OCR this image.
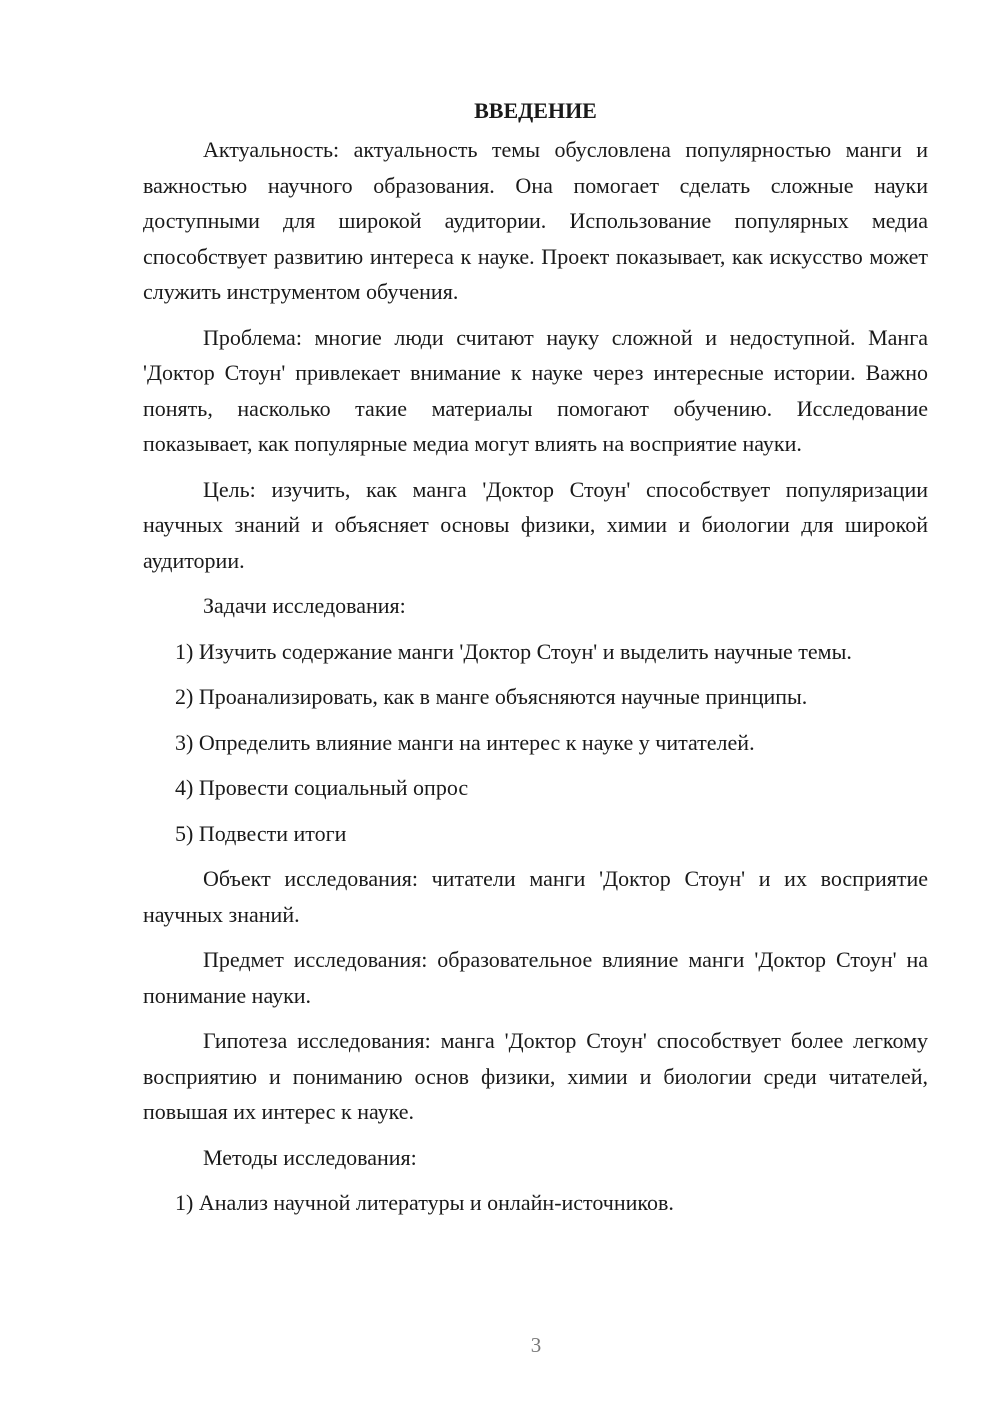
ВВЕДЕНИЕ

Актуальность: актуальность темы обусловлена популярностью манги и важностью научного образования. Она помогает сделать сложные науки доступными для широкой аудитории. Использование популярных медиа способствует развитию интереса к науке. Проект показывает, как искусство может служить инструментом обучения.

Проблема: многие люди считают науку сложной и недоступной. Манга 'Доктор Стоун' привлекает внимание к науке через интересные истории. Важно понять, насколько такие материалы помогают обучению. Исследование показывает, как популярные медиа могут влиять на восприятие науки.

Цель: изучить, как манга 'Доктор Стоун' способствует популяризации научных знаний и объясняет основы физики, химии и биологии для широкой аудитории.

Задачи исследования:

1) Изучить содержание манги 'Доктор Стоун' и выделить научные темы.

2) Проанализировать, как в манге объясняются научные принципы.

3) Определить влияние манги на интерес к науке у читателей.

4) Провести социальный опрос

5) Подвести итоги

Объект исследования: читатели манги 'Доктор Стоун' и их восприятие научных знаний.

Предмет исследования: образовательное влияние манги 'Доктор Стоун' на понимание науки.

Гипотеза исследования: манга 'Доктор Стоун' способствует более легкому восприятию и пониманию основ физики, химии и биологии среди читателей, повышая их интерес к науке.

Методы исследования:

1) Анализ научной литературы и онлайн-источников.

3
